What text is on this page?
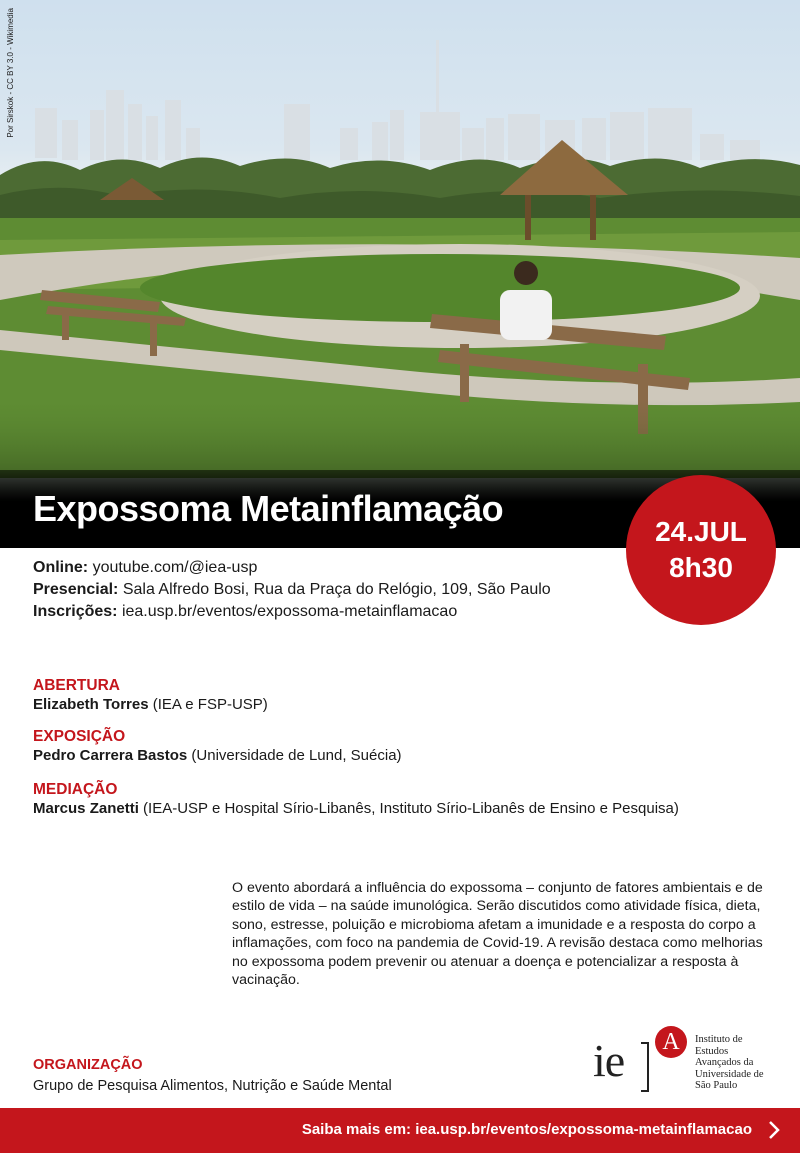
Por Sirskok - CC BY 3.0 - Wikimedia
Expossoma Metainflamação
24.JUL
8h30
Online: youtube.com/@iea-usp
Presencial: Sala Alfredo Bosi, Rua da Praça do Relógio, 109, São Paulo
Inscrições: iea.usp.br/eventos/expossoma-metainflamacao
ABERTURA
Elizabeth Torres (IEA e FSP-USP)
EXPOSIÇÃO
Pedro Carrera Bastos (Universidade de Lund, Suécia)
MEDIAÇÃO
Marcus Zanetti (IEA-USP e Hospital Sírio-Libanês, Instituto Sírio-Libanês de Ensino e Pesquisa)

O evento abordará a influência do expossoma – conjunto de fatores ambientais e de estilo de vida – na saúde imunológica. Serão discutidos como atividade física, dieta, sono, estresse, poluição e microbioma afetam a imunidade e a resposta do corpo a inflamações, com foco na pandemia de Covid-19. A revisão destaca como melhorias no expossoma podem prevenir ou atenuar a doença e potencializar a resposta à vacinação.

ORGANIZAÇÃO
Grupo de Pesquisa Alimentos, Nutrição e Saúde Mental	ie	A	Instituto de
Estudos
Avançados da
Universidade de
São Paulo
Saiba mais em: iea.usp.br/eventos/expossoma-metainflamacao
